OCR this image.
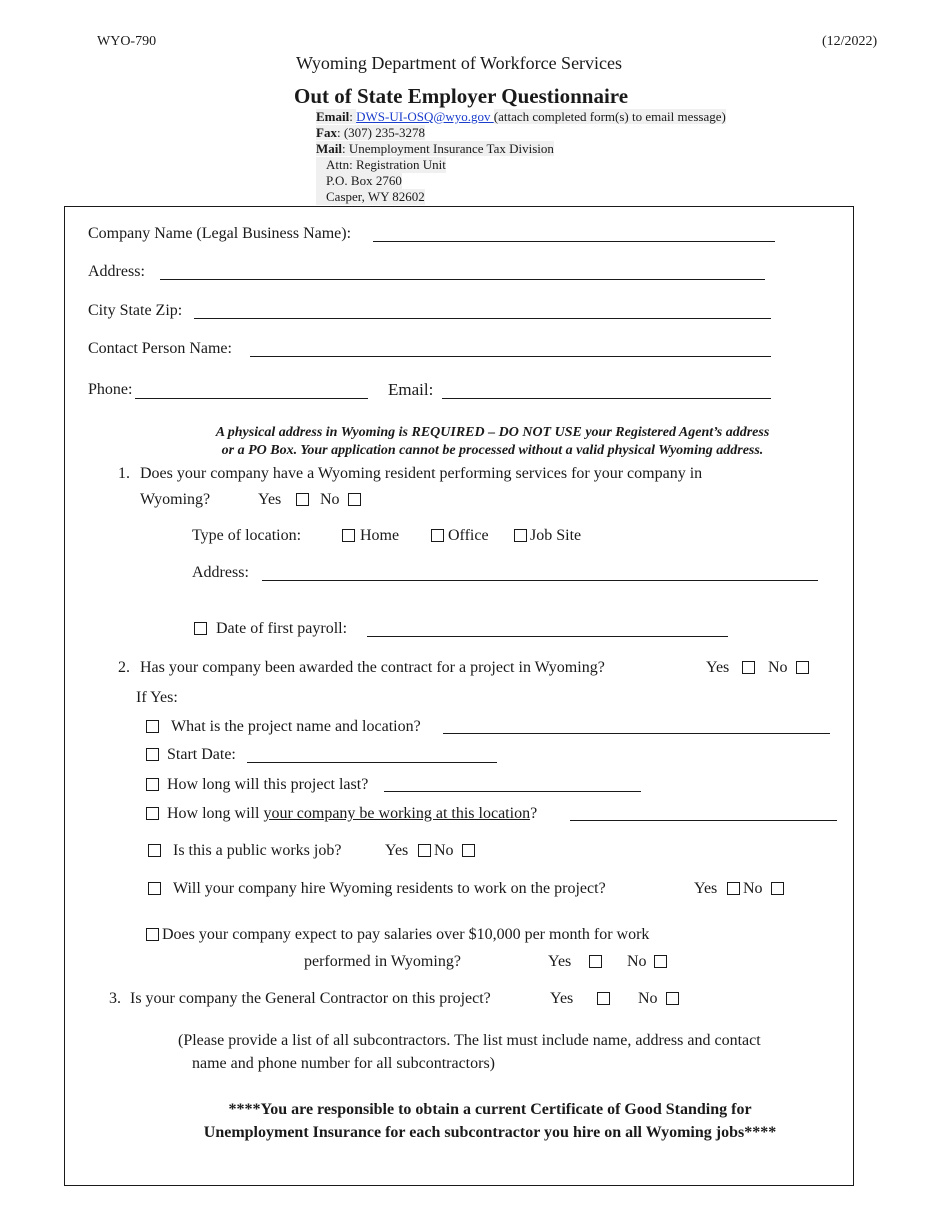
WYO-790	(12/2022)
Wyoming Department of Workforce Services
Out of State Employer Questionnaire
Email: DWS-UI-OSQ@wyo.gov (attach completed form(s) to email message)
Fax: (307) 235-3278
Mail: Unemployment Insurance Tax Division
Attn: Registration Unit
P.O. Box 2760
Casper, WY 82602
Company Name (Legal Business Name):
Address:
City State Zip:
Contact Person Name:
Phone:	Email:
A physical address in Wyoming is REQUIRED – DO NOT USE your Registered Agent’s address
or a PO Box. Your application cannot be processed without a valid physical Wyoming address.
1. Does your company have a Wyoming resident performing services for your company in
Wyoming?	Yes No
Type of location:	Home	Office	Job Site
Address:
Date of first payroll:
2. Has your company been awarded the contract for a project in Wyoming?	Yes No
If Yes:
What is the project name and location?
Start Date:
How long will this project last?
How long will your company be working at this location?
Is this a public works job?	Yes No
Will your company hire Wyoming residents to work on the project?	Yes No
Does your company expect to pay salaries over $10,000 per month for work
performed in Wyoming?	Yes	No
3. Is your company the General Contractor on this project?	Yes	No
(Please provide a list of all subcontractors. The list must include name, address and contact
name and phone number for all subcontractors)
****You are responsible to obtain a current Certificate of Good Standing for
Unemployment Insurance for each subcontractor you hire on all Wyoming jobs****
